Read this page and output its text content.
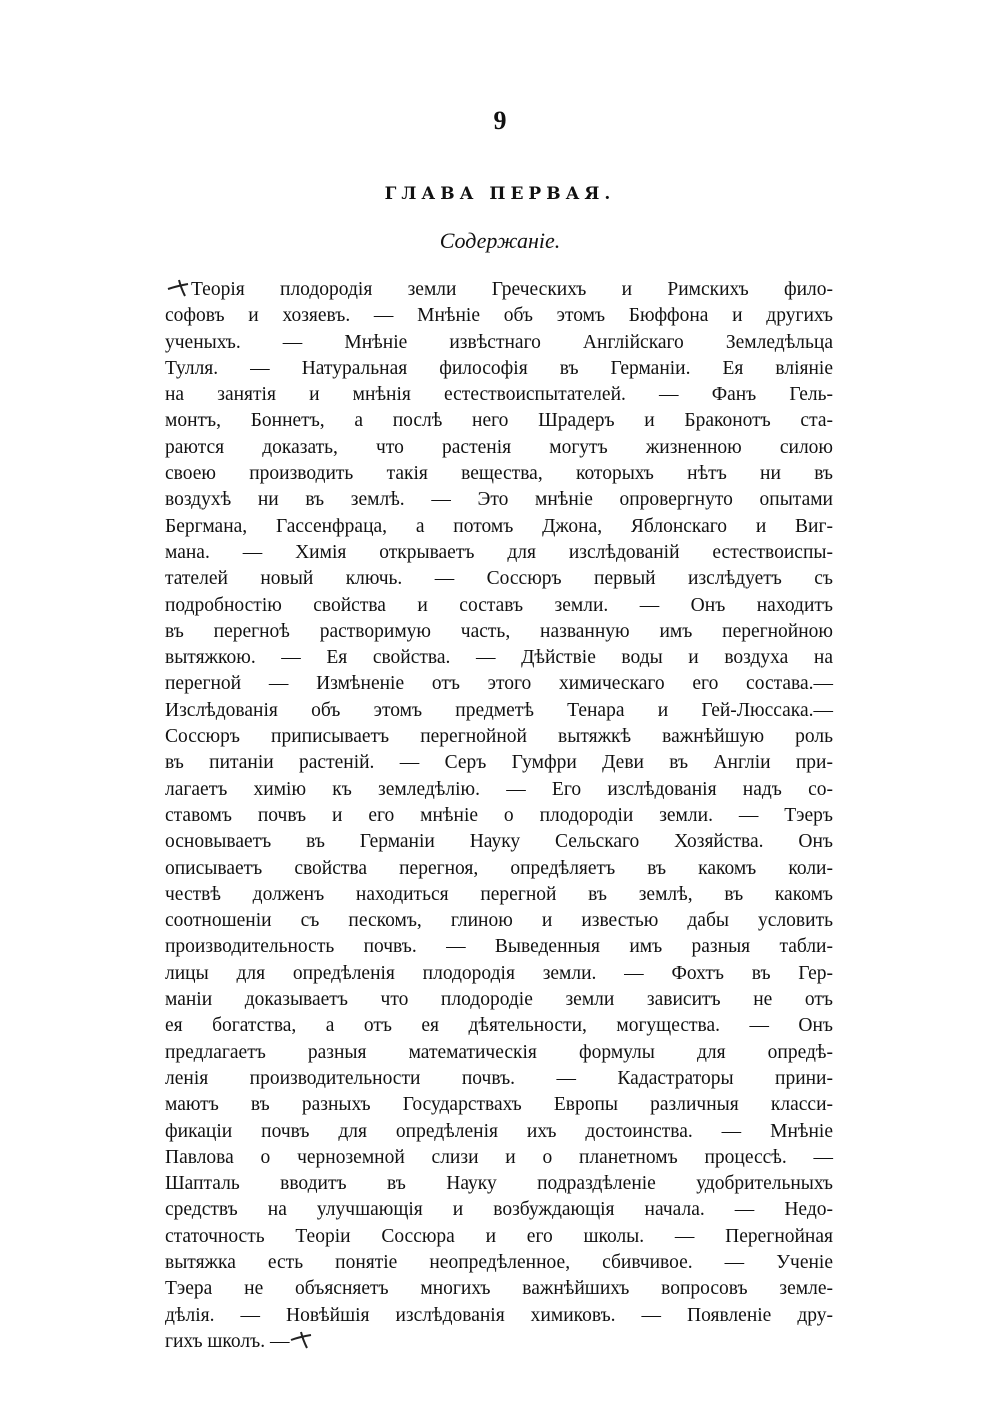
9
ГЛАВА ПЕРВАЯ.
Содержаніе.
Теорія плодородія земли Греческихъ и Римскихъ фило-
софовъ и хозяевъ. — Мнѣніе объ этомъ Бюффона и другихъ
ученыхъ. — Мнѣніе извѣстнаго Англійскаго Земледѣльца
Тулля. — Натуральная философія въ Германіи. Ея вліяніе
на занятія и мнѣнія естествоиспытателей. — Фанъ Гель-
монтъ, Боннетъ, а послѣ него Шрадеръ и Браконотъ ста-
раются доказать, что растенія могутъ жизненною силою
своею производить такія вещества, которыхъ нѣтъ ни въ
воздухѣ ни въ землѣ. — Это мнѣніе опровергнуто опытами
Бергмана, Гассенфраца, а потомъ Джона, Яблонскаго и Виг-
мана. — Химія открываетъ для изслѣдованій естествоиспы-
тателей новый ключь. — Соссюръ первый изслѣдуетъ съ
подробностію свойства и составъ земли. — Онъ находитъ
въ перегноѣ растворимую часть, названную имъ перегнойною
вытяжкою. — Ея свойства. — Дѣйствіе воды и воздуха на
перегной — Измѣненіе отъ этого химическаго его состава.—
Изслѣдованія объ этомъ предметѣ Тенара и Гей-Люссака.—
Соссюръ приписываетъ перегнойной вытяжкѣ важнѣйшую роль
въ питаніи растеній. — Серъ Гумфри Деви въ Англіи при-
лагаетъ химію къ земледѣлію. — Его изслѣдованія надъ со-
ставомъ почвъ и его мнѣніе о плодородіи земли. — Тэеръ
основываетъ въ Германіи Науку Сельскаго Хозяйства. Онъ
описываетъ свойства перегноя, опредѣляетъ въ какомъ коли-
чествѣ долженъ находиться перегной въ землѣ, въ какомъ
соотношеніи съ пескомъ, глиною и известью дабы условить
производительность почвъ. — Выведенныя имъ разныя табли-
лицы для опредѣленія плодородія земли. — Фохтъ въ Гер-
маніи доказываетъ что плодородіе земли зависитъ не отъ
ея богатства, а отъ ея дѣятельности, могущества. — Онъ
предлагаетъ разныя математическія формулы для опредѣ-
ленія производительности почвъ. — Кадастраторы прини-
маютъ въ разныхъ Государствахъ Европы различныя класси-
фикаціи почвъ для опредѣленія ихъ достоинства. — Мнѣніе
Павлова о черноземной слизи и о планетномъ процессѣ. —
Шапталь вводитъ въ Науку подраздѣленіе удобрительныхъ
средствъ на улучшающія и возбуждающія начала. — Недо-
статочность Теоріи Соссюра и его школы. — Перегнойная
вытяжка есть понятіе неопредѣленное, сбивчивое. — Ученіе
Тэера не объясняетъ многихъ важнѣйшихъ вопросовъ земле-
дѣлія. — Новѣйшія изслѣдованія химиковъ. — Появленіе дру-
гихъ школъ. —
